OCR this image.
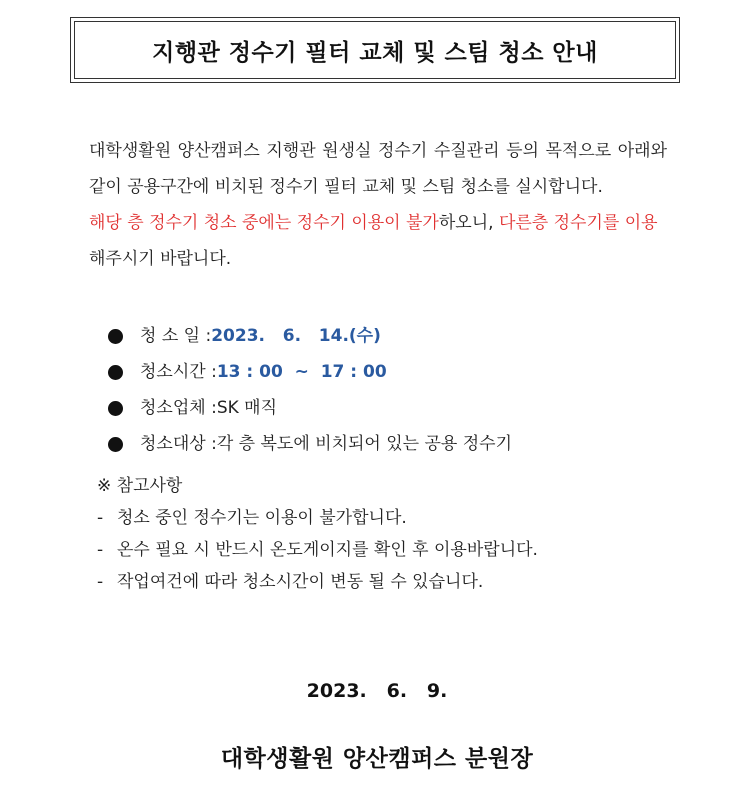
지행관 정수기 필터 교체 및 스팀 청소 안내

대학생활원 양산캠퍼스 지행관 원생실 정수기 수질관리 등의 목적으로 아래와 같이 공용구간에 비치된 정수기 필터 교체 및 스팀 청소를 실시합니다.

해당 층 정수기 청소 중에는 정수기 이용이 불가하오니, 다른층 정수기를 이용해주시기 바랍니다.

청 소 일 : 2023.   6.   14.(수)
청소시간 : 13 : 00  ~  17 : 00
청소업체 : SK 매직
청소대상 : 각 층 복도에 비치되어 있는 공용 정수기
※ 참고사항
- 청소 중인 정수기는 이용이 불가합니다.
- 온수 필요 시 반드시 온도게이지를 확인 후 이용바랍니다.
- 작업여건에 따라 청소시간이 변동 될 수 있습니다.
2023.   6.   9.
대학생활원 양산캠퍼스 분원장
